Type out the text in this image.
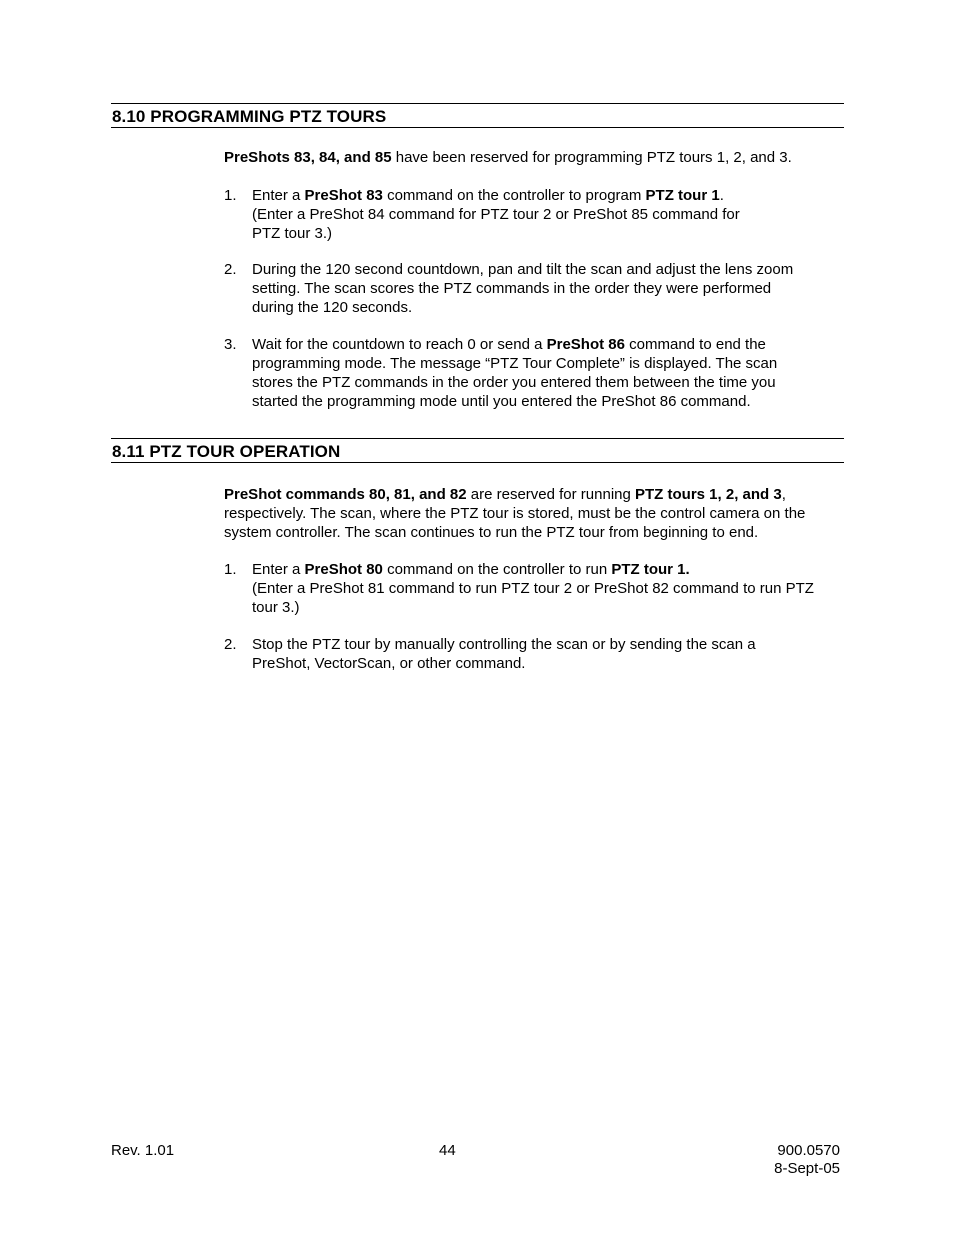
8.10 PROGRAMMING PTZ TOURS
PreShots 83, 84, and 85 have been reserved for programming PTZ tours 1, 2, and 3.
1. Enter a PreShot 83 command on the controller to program PTZ tour 1.
(Enter a PreShot 84 command for PTZ tour 2 or PreShot 85 command for
PTZ tour 3.)
2. During the 120 second countdown, pan and tilt the scan and adjust the lens zoom
setting. The scan scores the PTZ commands in the order they were performed
during the 120 seconds.
3. Wait for the countdown to reach 0 or send a PreShot 86 command to end the
programming mode. The message “PTZ Tour Complete” is displayed. The scan
stores the PTZ commands in the order you entered them between the time you
started the programming mode until you entered the PreShot 86 command.
8.11 PTZ TOUR OPERATION
PreShot commands 80, 81, and 82 are reserved for running PTZ tours 1, 2, and 3,
respectively. The scan, where the PTZ tour is stored, must be the control camera on the
system controller. The scan continues to run the PTZ tour from beginning to end.
1. Enter a PreShot 80 command on the controller to run PTZ tour 1.
(Enter a PreShot 81 command to run PTZ tour 2 or PreShot 82 command to run PTZ
tour 3.)
2. Stop the PTZ tour by manually controlling the scan or by sending the scan a
PreShot, VectorScan, or other command.
Rev. 1.01	44	900.0570
8-Sept-05
